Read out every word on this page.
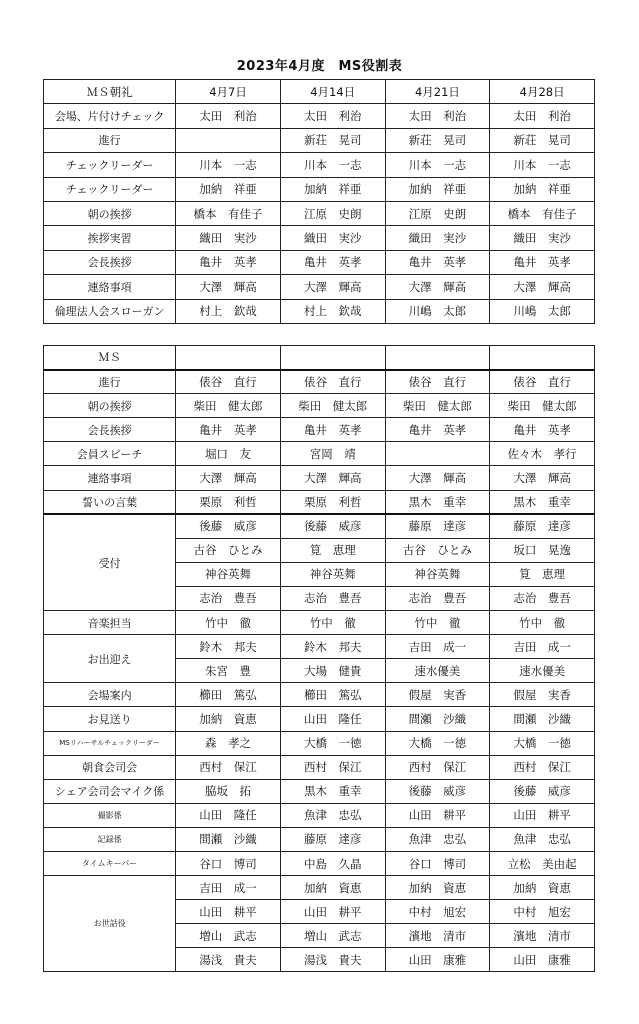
2023年4月度　MS役割表
ＭＳ朝礼	4月7日	4月14日	4月21日	4月28日
会場、片付けチェック	太田　利治	太田　利治	太田　利治	太田　利治
進行		新荘　晃司	新荘　晃司	新荘　晃司
チェックリーダー	川本　一志	川本　一志	川本　一志	川本　一志
チェックリーダー	加納　祥亜	加納　祥亜	加納　祥亜	加納　祥亜
朝の挨拶	橋本　有佳子	江原　史朗	江原　史朗	橋本　有佳子
挨拶実習	織田　実沙	織田　実沙	織田　実沙	織田　実沙
会長挨拶	亀井　英孝	亀井　英孝	亀井　英孝	亀井　英孝
連絡事項	大澤　輝高	大澤　輝高	大澤　輝高	大澤　輝高
倫理法人会スローガン	村上　欽哉	村上　欽哉	川嶋　太郎	川嶋　太郎
ＭＳ				
進行	俵谷　直行	俵谷　直行	俵谷　直行	俵谷　直行
朝の挨拶	柴田　健太郎	柴田　健太郎	柴田　健太郎	柴田　健太郎
会長挨拶	亀井　英孝	亀井　英孝	亀井　英孝	亀井　英孝
会員スピーチ	堀口　友	宮岡　靖		佐々木　孝行
連絡事項	大澤　輝高	大澤　輝高	大澤　輝高	大澤　輝高
誓いの言葉	栗原　利哲	栗原　利哲	黒木　重幸	黒木　重幸
受付	後藤　威彦	後藤　威彦	藤原　達彦	藤原　達彦
	古谷　ひとみ	筧　恵理	古谷　ひとみ	坂口　晃逸
	神谷英舞	神谷英舞	神谷英舞	筧　恵理
	志治　豊吾	志治　豊吾	志治　豊吾	志治　豊吾
音楽担当	竹中　徹	竹中　徹	竹中　徹	竹中　徹
お出迎え	鈴木　邦夫	鈴木　邦夫	吉田　成一	吉田　成一
	朱宮　豊	大場　健貴	速水優美	速水優美
会場案内	櫛田　篤弘	櫛田　篤弘	假屋　実香	假屋　実香
お見送り	加納　資恵	山田　隆任	間瀬　沙織	間瀬　沙織
MSリハーサルチェックリーダー	森　孝之	大橋　一徳	大橋　一徳	大橋　一徳
朝食会司会	西村　保江	西村　保江	西村　保江	西村　保江
シェア会司会マイク係	脇坂　拓	黒木　重幸	後藤　威彦	後藤　威彦
撮影係	山田　隆任	魚津　忠弘	山田　耕平	山田　耕平
記録係	間瀬　沙織	藤原　達彦	魚津　忠弘	魚津　忠弘
タイムキーパー	谷口　博司	中島　久晶	谷口　博司	立松　美由起
お世話役	吉田　成一	加納　資恵	加納　資恵	加納　資恵
	山田　耕平	山田　耕平	中村　旭宏	中村　旭宏
	増山　武志	増山　武志	濱地　清市	濱地　清市
	湯浅　貴夫	湯浅　貴夫	山田　康雅	山田　康雅
